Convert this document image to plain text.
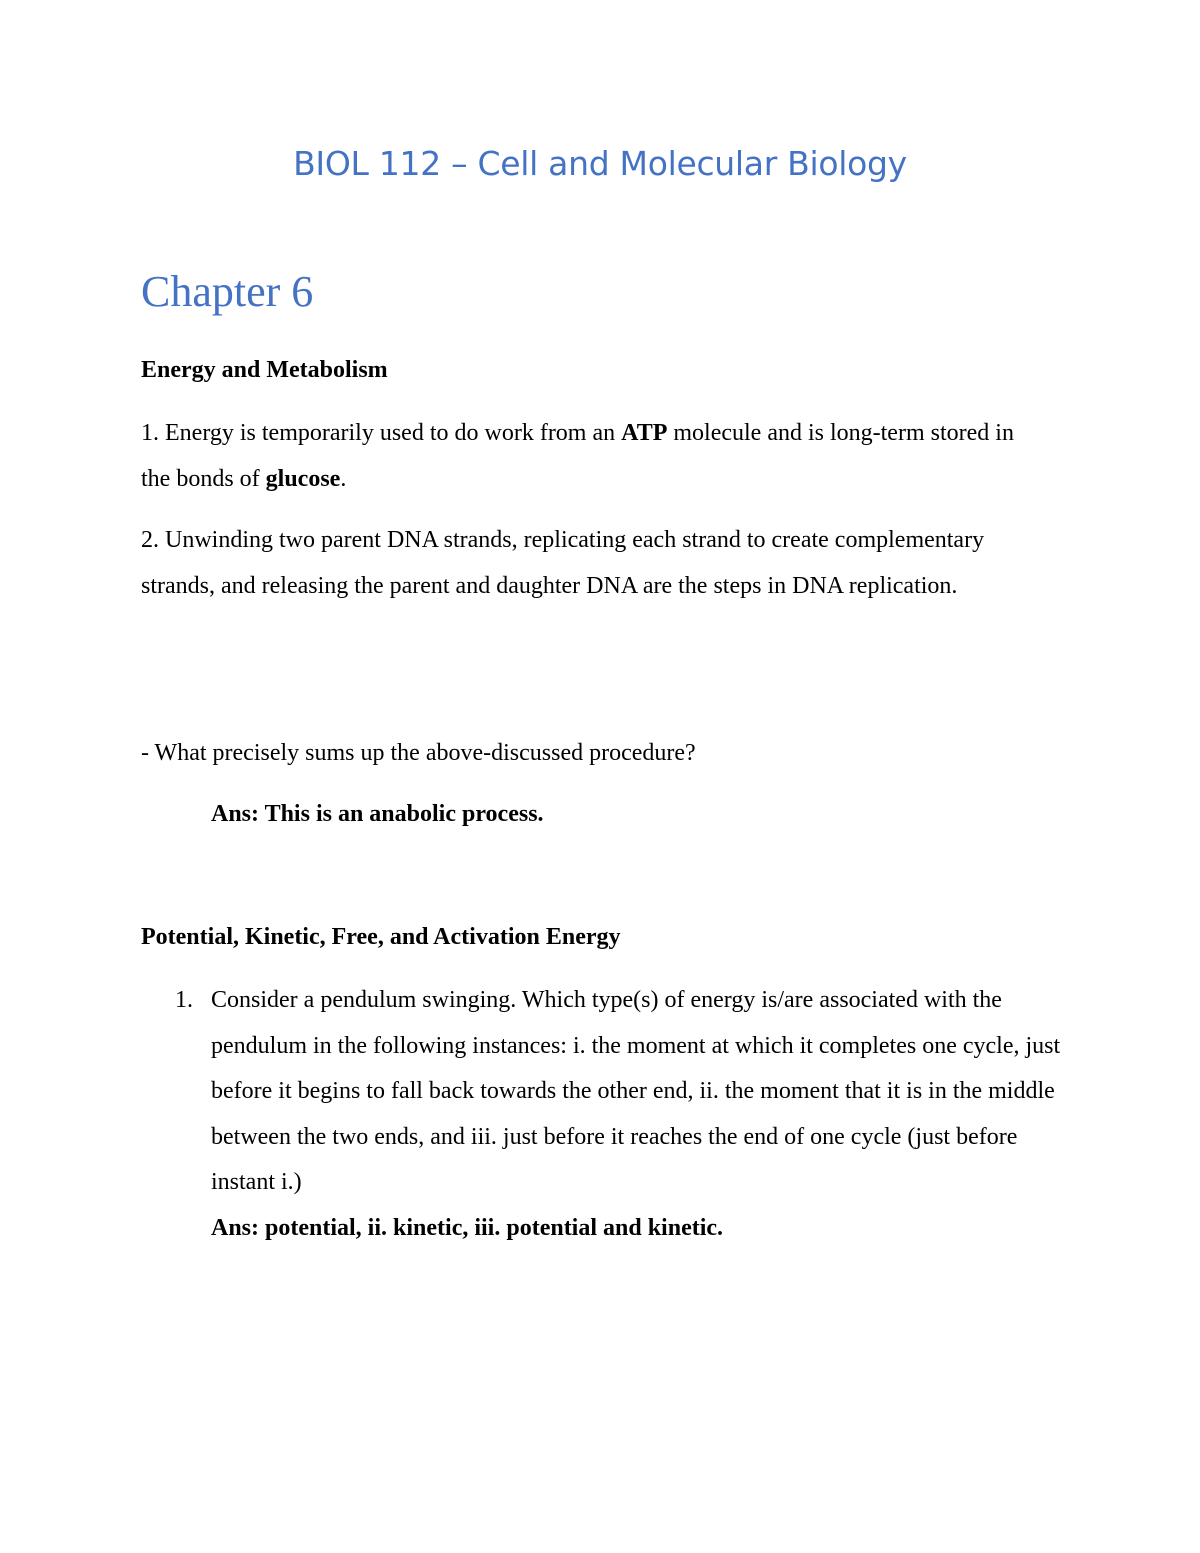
BIOL 112 – Cell and Molecular Biology
Chapter 6
Energy and Metabolism

1. Energy is temporarily used to do work from an ATP molecule and is long-term stored in the bonds of glucose.

2. Unwinding two parent DNA strands, replicating each strand to create complementary strands, and releasing the parent and daughter DNA are the steps in DNA replication.

- What precisely sums up the above-discussed procedure?

Ans: This is an anabolic process.

Potential, Kinetic, Free, and Activation Energy
1. Consider a pendulum swinging. Which type(s) of energy is/are associated with the pendulum in the following instances: i. the moment at which it completes one cycle, just before it begins to fall back towards the other end, ii. the moment that it is in the middle between the two ends, and iii. just before it reaches the end of one cycle (just before instant i.)
Ans: potential, ii. kinetic, iii. potential and kinetic.
